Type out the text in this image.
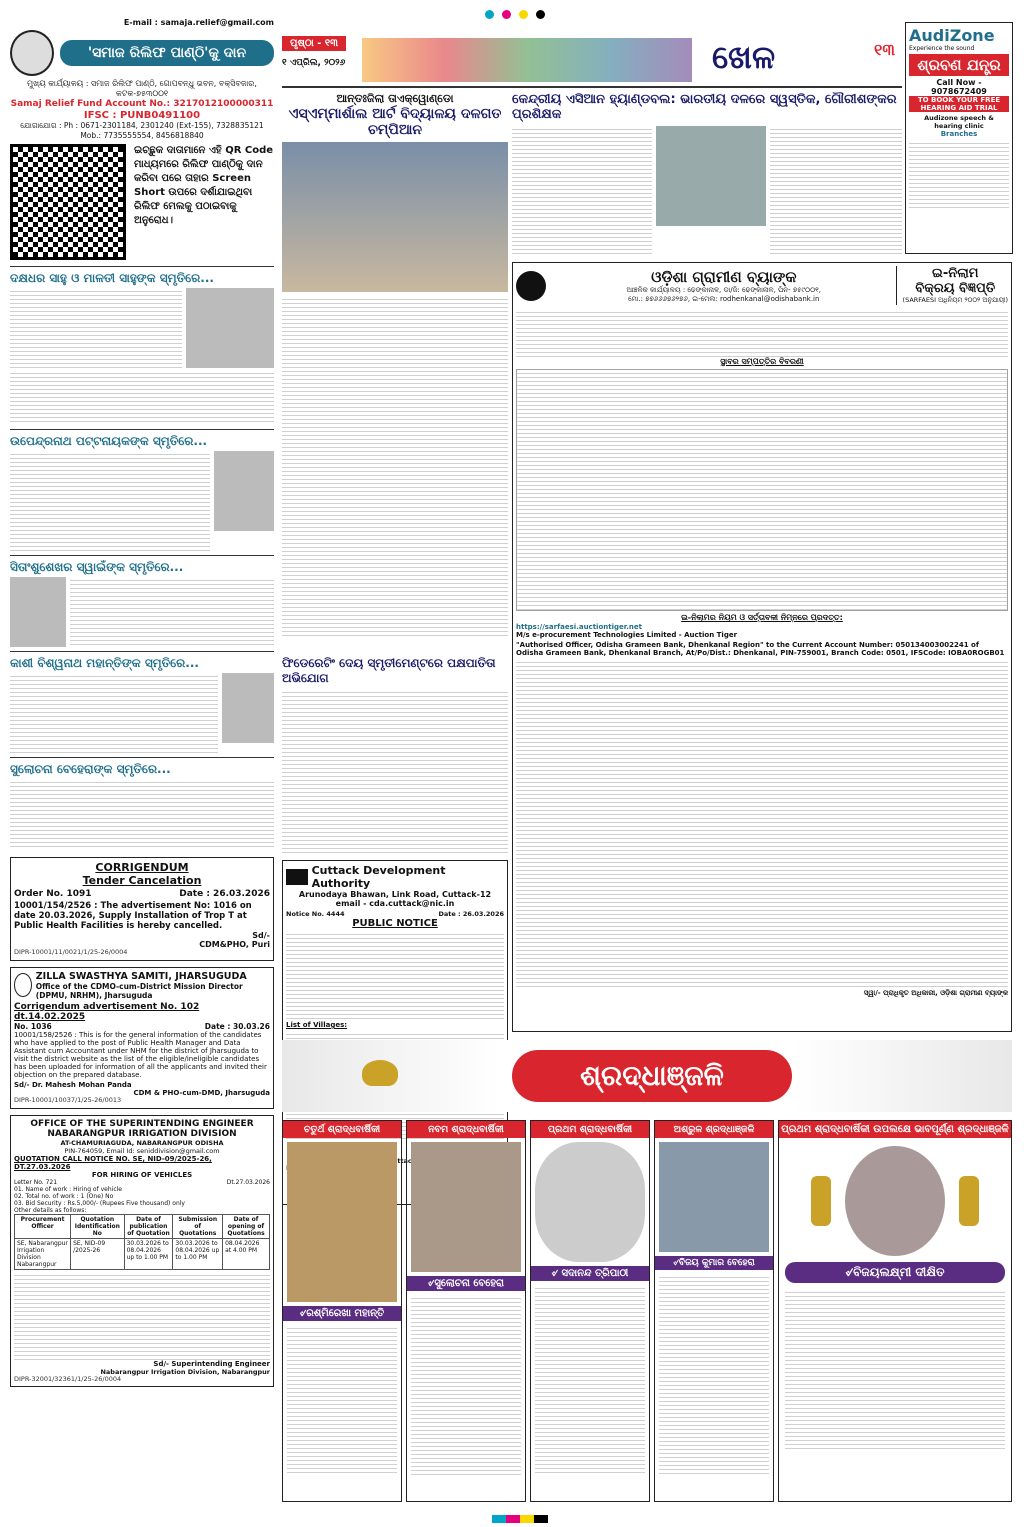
E-mail : samaja.relief@gmail.com
'ସମାଜ ରିଲିଫ ପାଣ୍ଠି'କୁ ଦାନ
ମୁଖ୍ୟ କାର୍ଯ୍ୟାଳୟ : ସମାଜ ରିଲିଫ ପାଣ୍ଠି, ଗୋପବନ୍ଧୁ ଭବନ, ବକ୍ସିବଜାର, କଟକ-୭୫୩୦୦୧
Samaj Relief Fund Account No.: 3217012100000311
IFSC : PUNB0491100
ଯୋଗାଯୋଗ : Ph : 0671-2301184, 2301240 (Ext-155), 7328835121 Mob.: 7735555554, 8456818840
ଇଚ୍ଛୁକ ଦାତାମାନେ ଏହି QR Code ମାଧ୍ୟମରେ ରିଲିଫ ପାଣ୍ଠିକୁ ଦାନ କରିବା ପରେ ତାହାର Screen Short ଉପରେ ଦର୍ଶାଯାଇଥିବା ରିଲିଫ ମେଲକୁ ପଠାଇବାକୁ ଅନୁରୋଧ।
ଦକ୍ଷଧର ସାହୁ ଓ ମାଳତୀ ସାହୁଙ୍କ ସ୍ମୃତିରେ...
ଉପେନ୍ଦ୍ରନାଥ ପଟ୍ଟନାୟକଙ୍କ ସ୍ମୃତିରେ...
ସିତାଂଶୁଶେଖର ସ୍ୱାଇଁଙ୍କ ସ୍ମୃତିରେ...
କାଶୀ ବିଶ୍ୱନାଥ ମହାନ୍ତିଙ୍କ ସ୍ମୃତିରେ...
ସୁଲୋଚନା ବେହେରାଙ୍କ ସ୍ମୃତିରେ...
CORRIGENDUM
Tender Cancelation
Order No. 1091	Date : 26.03.2026
10001/154/2526 : The advertisement No: 1016 on date 20.03.2026, Supply Installation of Trop T at Public Health Facilities is hereby cancelled.
Sd/-
CDM&PHO, Puri
DIPR-10001/11/0021/1/25-26/0004
ZILLA SWASTHYA SAMITI, JHARSUGUDA
Office of the CDMO-cum-District Mission Director (DPMU, NRHM), Jharsuguda
Corrigendum advertisement No. 102 dt.14.02.2025
No. 1036	Date : 30.03.26
10001/158/2526 : This is for the general information of the candidates who have applied to the post of Public Health Manager and Data Assistant cum Accountant under NHM for the district of Jharsuguda to visit the district website as the list of the eligible/ineligible candidates has been uploaded for information of all the applicants and invited their objection on the prepared database.
Sd/- Dr. Mahesh Mohan Panda
CDM & PHO-cum-DMD, Jharsuguda
DIPR-10001/10037/1/25-26/0013
OFFICE OF THE SUPERINTENDING ENGINEER
NABARANGPUR IRRIGATION DIVISION
AT-CHAMURIAGUDA, NABARANGPUR ODISHA
PIN-764059, Email Id: seniddivision@gmail.com
QUOTATION CALL NOTICE NO. SE, NID-09/2025-26, DT.27.03.2026
FOR HIRING OF VEHICLES
Letter No. 721	Dt.27.03.2026
01. Name of work : Hiring of vehicle
02. Total no. of work : 1 (One) No
03. Bid Security : Rs.5,000/- (Rupees Five thousand) only
Other details as follows:
Procurement Officer	Quotation Identification No	Date of publication of Quotation	Submission of Quotations	Date of opening of Quotations
SE, Nabarangpur Irrigation Division Nabarangpur	SE, NID-09 /2025-26	30.03.2026 to 08.04.2026 up to 1.00 PM	30.03.2026 to 08.04.2026 up to 1.00 PM	08.04.2026 at 4.00 PM
Sd/- Superintending Engineer
Nabarangpur Irrigation Division, Nabarangpur
DIPR-32001/32361/1/25-26/0004
ପୃଷ୍ଠା - ୧୩
୧ ଏପ୍ରିଲ, ୨୦୨୬	ଖେଳ	୧୩
AudiZone
Experience the sound
ଶ୍ରବଣ ଯନ୍ତ୍ର
Call Now - 9078672409
TO BOOK YOUR FREE HEARING AID TRIAL
Audizone speech & hearing clinic
Branches
ଆନ୍ତଃଜିଲା ତାଏକ୍ୱୋଣ୍ଡୋ
ଏସ୍‌ଏମ୍‌ମାର୍ଶାଲ ଆର୍ଟ ବିଦ୍ୟାଳୟ ଦଳଗତ ଚମ୍ପିଆନ
କେନ୍ଦ୍ରୀୟ ଏସିଆନ ହ୍ୟାଣ୍ଡବଲ: ଭାରତୀୟ ଦଳରେ ସ୍ୱସ୍ତିକ, ଗୌରୀଶଙ୍କର ପ୍ରଶିକ୍ଷକ
ଓଡ଼ିଶା ଗ୍ରାମୀଣ ବ୍ୟାଙ୍କ
ଆଞ୍ଚଳିକ କାର୍ଯ୍ୟାଳୟ : ଢେଙ୍କାନାଳ, ଡା/ଜି: ଢେଙ୍କାନାଳ, ପିନ- ୭୫୯୦୦୧,
ମୋ.: ୭୭୬୬୬୭୬୨୭୬, ଇ-ମେଲ: rodhenkanal@odishabank.in
ଇ-ନିଲାମ
ବିକ୍ରୟ ବିଜ୍ଞପ୍ତି
(SARFAESI ଅଧିନିୟମ ୨୦୦୨ ଅନୁଯାୟୀ)
ସ୍ଥାବର ସମ୍ପତ୍ତିର ବିବରଣୀ
ଇ-ନିଲାମର ନିୟମ ଓ ସର୍ତ୍ତାବଳୀ ନିମ୍ନରେ ପ୍ରଦତ୍ତ:
https://sarfaesi.auctiontiger.net
M/s e-procurement Technologies Limited - Auction Tiger
"Authorised Officer, Odisha Grameen Bank, Dhenkanal Region" to the Current Account Number: 050134003002241 of Odisha Grameen Bank, Dhenkanal Branch, At/Po/Dist.: Dhenkanal, PIN-759001, Branch Code: 0501, IFSCode: IOBA0ROGB01
ସ୍ୱା/- ପ୍ରାଧିକୃତ ଅଧିକାରୀ, ଓଡ଼ିଶା ଗ୍ରାମୀଣ ବ୍ୟାଙ୍କ
ଫିଡେରେଟିଂ ଦେୟ ସ୍ମୃତୀମେଣ୍ଟରେ ପକ୍ଷପାତିତା ଅଭିଯୋଗ
Cuttack Development Authority
Arunodaya Bhawan, Link Road, Cuttack-12
email - cda.cuttack@nic.in
Notice No. 4444	Date : 26.03.2026
PUBLIC NOTICE
List of Villages:
Cuttack
ଶ୍ରଦ୍ଧାଞ୍ଜଳି
ଚତୁର୍ଥ ଶ୍ରାଦ୍ଧବାର୍ଷିକୀ
୰ରଶ୍ମିରେଖା ମହାନ୍ତି
ନବମ ଶ୍ରାଦ୍ଧବାର୍ଷିକୀ
୰ସୁଲୋଚନା ବେହେରା
ପ୍ରଥମ ଶ୍ରାଦ୍ଧବାର୍ଷିକୀ
୰ ସଦାନନ୍ଦ ତ୍ରିପାଠୀ
ଅଶ୍ରୁଳ ଶ୍ରଦ୍ଧାଞ୍ଜଳି
୰ବିଜୟ କୁମାର ବେହେରା
ପ୍ରଥମ ଶ୍ରାଦ୍ଧବାର୍ଷିକୀ ଉପଲକ୍ଷେ ଭାବପୂର୍ଣ୍ଣ ଶ୍ରଦ୍ଧାଞ୍ଜଳି
୰ବିଜୟଲକ୍ଷ୍ମୀ ଦୀକ୍ଷିତ
